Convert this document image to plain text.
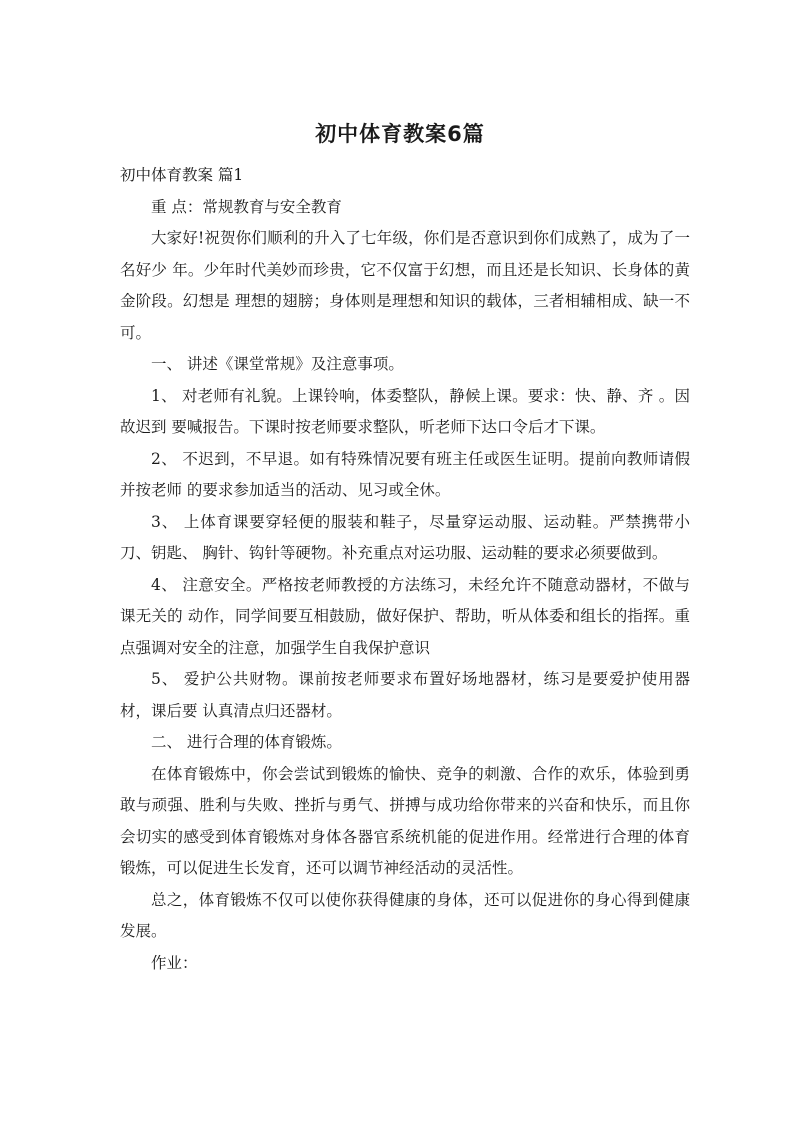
初中体育教案6篇

初中体育教案 篇1

重 点：常规教育与安全教育

大家好!祝贺你们顺利的升入了七年级，你们是否意识到你们成熟了，成为了一名好少 年。少年时代美妙而珍贵，它不仅富于幻想，而且还是长知识、长身体的黄金阶段。幻想是 理想的翅膀；身体则是理想和知识的载体，三者相辅相成、缺一不可。

一、 讲述《课堂常规》及注意事项。

1、 对老师有礼貌。上课铃响，体委整队，静候上课。要求：快、静、齐 。因故迟到 要喊报告。下课时按老师要求整队，听老师下达口令后才下课。

2、 不迟到，不早退。如有特殊情况要有班主任或医生证明。提前向教师请假并按老师 的要求参加适当的活动、见习或全休。

3、 上体育课要穿轻便的服装和鞋子，尽量穿运动服、运动鞋。严禁携带小刀、钥匙、 胸针、钩针等硬物。补充重点对运功服、运动鞋的要求必须要做到。

4、 注意安全。严格按老师教授的方法练习，未经允许不随意动器材，不做与课无关的 动作，同学间要互相鼓励，做好保护、帮助，听从体委和组长的指挥。重点强调对安全的注意，加强学生自我保护意识

5、 爱护公共财物。课前按老师要求布置好场地器材，练习是要爱护使用器材，课后要 认真清点归还器材。

二、 进行合理的体育锻炼。

在体育锻炼中，你会尝试到锻炼的愉快、竞争的刺激、合作的欢乐，体验到勇敢与顽强、胜利与失败、挫折与勇气、拼搏与成功给你带来的兴奋和快乐，而且你会切实的感受到体育锻炼对身体各器官系统机能的促进作用。经常进行合理的体育锻炼，可以促进生长发育，还可以调节神经活动的灵活性。

总之，体育锻炼不仅可以使你获得健康的身体，还可以促进你的身心得到健康发展。

作业：
